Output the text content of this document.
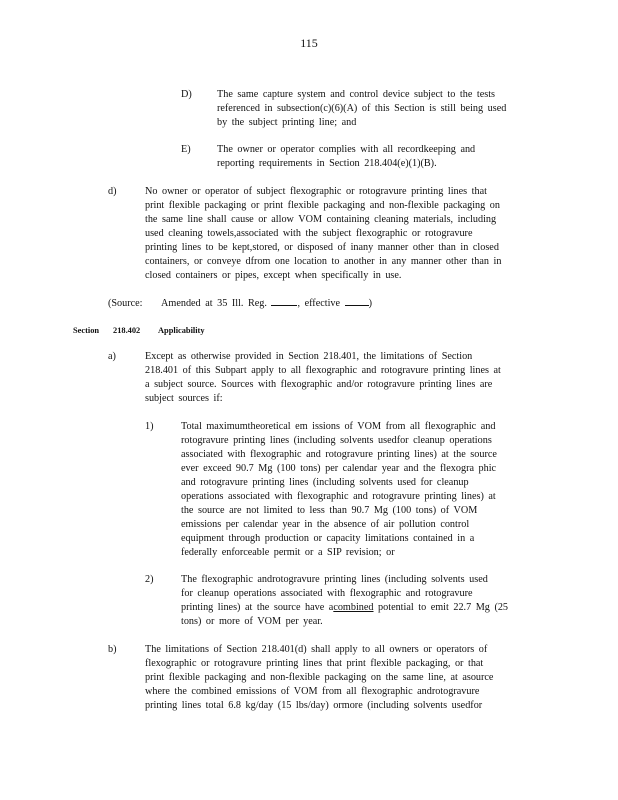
115
D) The same capture system and control device subject to the tests
referenced in subsection(c)(6)(A) of this Section is still being used
by the subject printing line; and
E)	The owner or operator complies with all recordkeeping and
reporting requirements in Section 218.404(e)(1)(B).
d)	No owner or operator of subject flexographic or rotogravure printing lines that
print flexible packaging or print flexible packaging and non-flexible packaging on
the same line shall cause or allow VOM containing cleaning materials, including
used cleaning towels,associated with the subject flexographic or rotogravure
printing lines to be kept,stored, or disposed of inany manner other than in closed
containers, or conveye dfrom one location to another in any manner other than in
closed containers or pipes, except when specifically in use.
(Source: Amended at 35 Ill. Reg.	, effective	)
Section 218.402 Applicability
a)	Except as otherwise provided in Section 218.401, the limitations of Section
218.401 of this Subpart apply to all flexographic and rotogravure printing lines at
a subject source. Sources with flexographic and/or rotogravure printing lines are
subject sources if:
1)	Total maximumtheoretical em issions of VOM from all flexographic and
rotogravure printing lines (including solvents usedfor cleanup operations
associated with flexographic and rotogravure printing lines) at the source
ever exceed 90.7 Mg (100 tons) per calendar year and the flexogra phic
and rotogravure printing lines (including solvents used for cleanup
operations associated with flexographic and rotogravure printing lines) at
the source are not limited to less than 90.7 Mg (100 tons) of VOM
emissions per calendar year in the absence of air pollution control
equipment through production or capacity limitations contained in a
federally enforceable permit or a SIP revision; or
2)	The flexographic androtogravure printing lines (including solvents used
for cleanup operations associated with flexographic and rotogravure
printing lines) at the source have acombined potential to emit 22.7 Mg (25
tons) or more of VOM per year.
b)	The limitations of Section 218.401(d) shall apply to all owners or operators of
flexographic or rotogravure printing lines that print flexible packaging, or that
print flexible packaging and non-flexible packaging on the same line, at asource
where the combined emissions of VOM from all flexographic androtogravure
printing lines total 6.8 kg/day (15 lbs/day) ormore (including solvents usedfor
